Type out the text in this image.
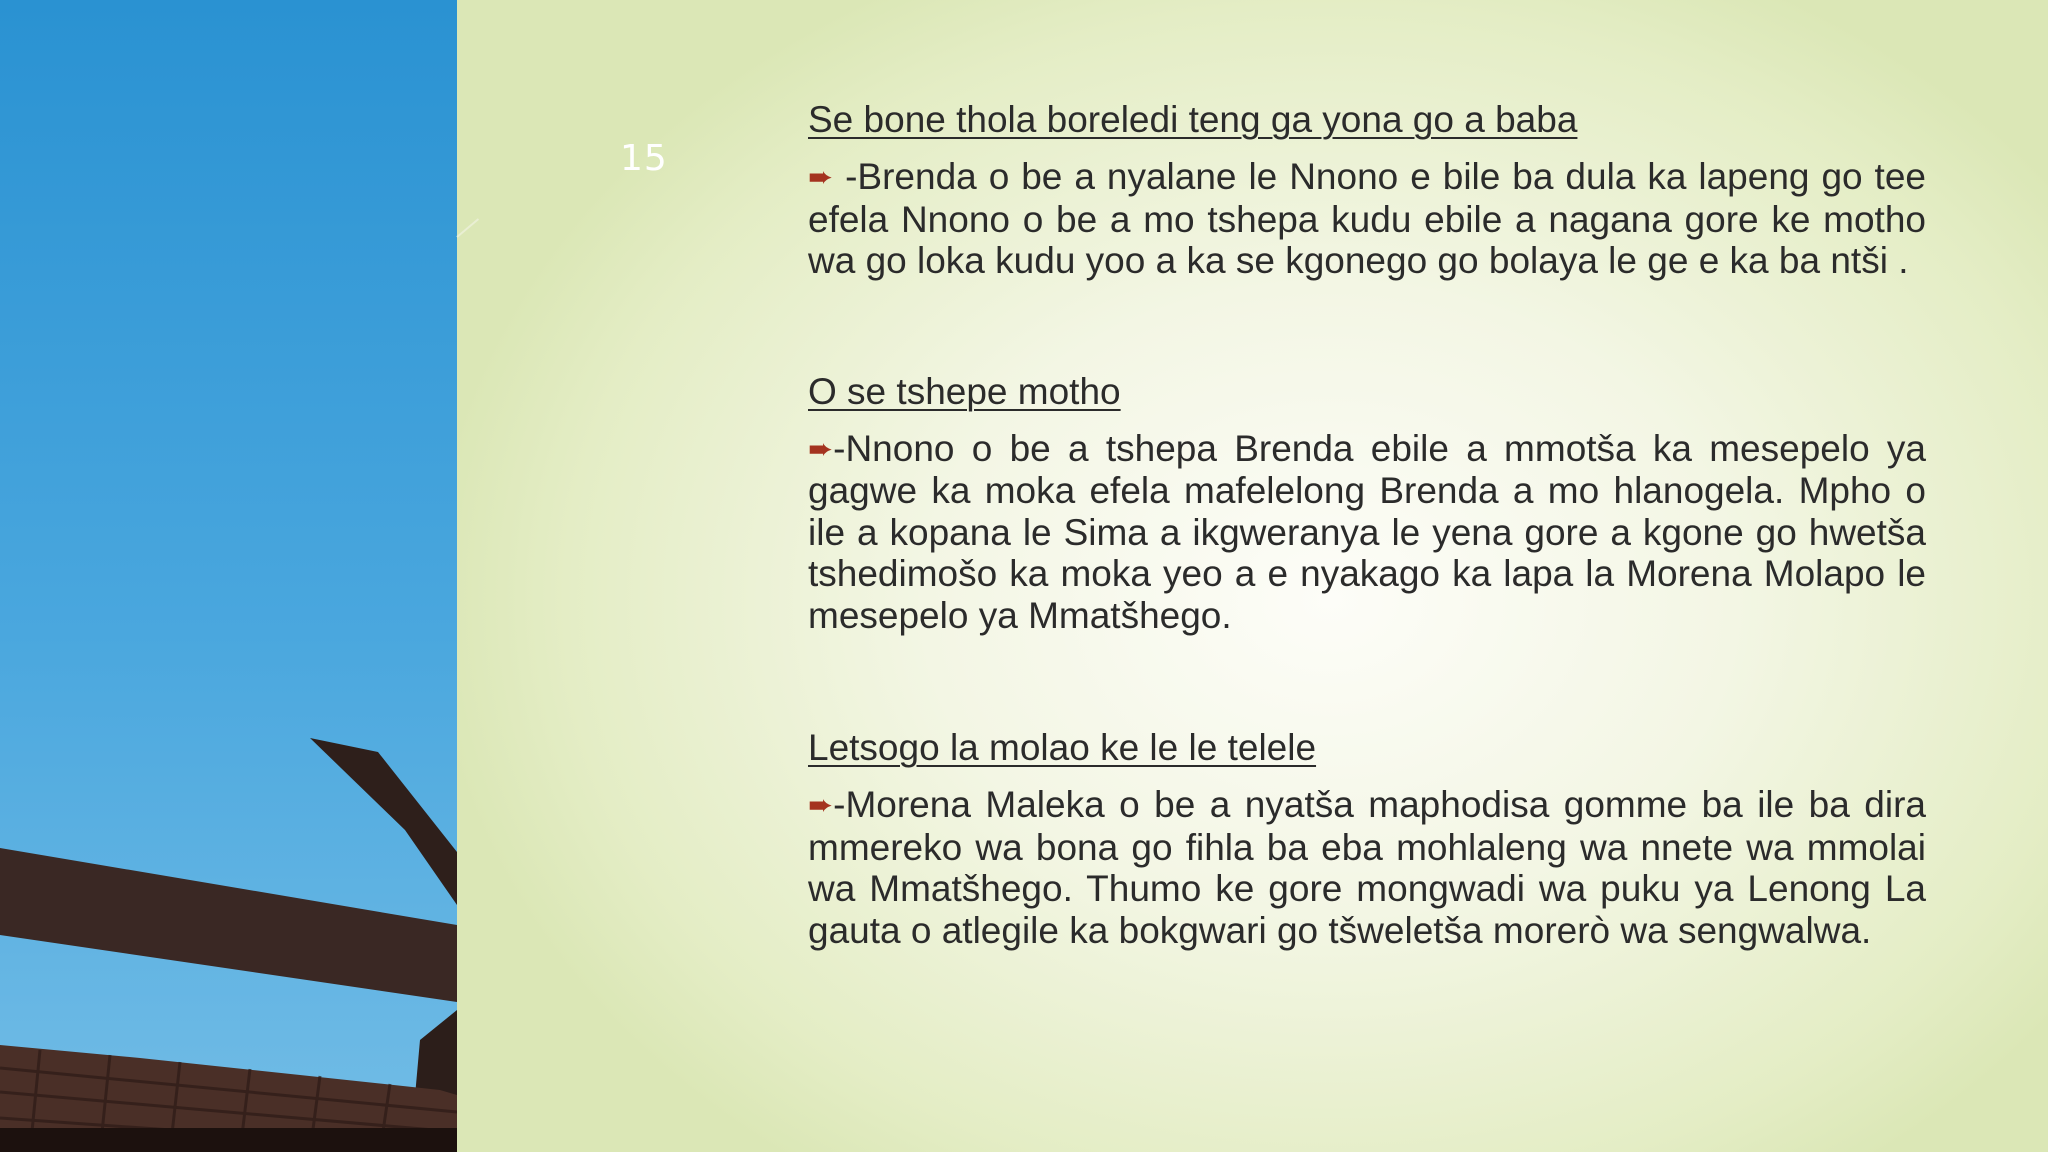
15
Se bone thola boreledi teng ga yona go a baba

➨ -Brenda o be a nyalane le Nnono e bile ba dula ka lapeng go tee efela Nnono o be a mo tshepa kudu ebile a nagana gore ke motho wa go loka kudu yoo a ka se kgonego go bolaya le ge e ka ba ntši .

O se tshepe motho

➨-Nnono o be a tshepa Brenda ebile a mmotša ka mesepelo ya gagwe ka moka efela mafelelong Brenda a mo hlanogela. Mpho o ile a kopana le Sima a ikgweranya le yena gore a kgone go hwetša tshedimošo ka moka yeo a e nyakago ka lapa la Morena Molapo le mesepelo ya Mmatšhego.

Letsogo la molao ke le le telele

➨-Morena Maleka o be a nyatša maphodisa gomme ba ile ba dira mmereko wa bona go fihla ba eba mohlaleng wa nnete wa mmolai wa Mmatšhego. Thumo ke gore mongwadi wa puku ya Lenong La gauta o atlegile ka bokgwari go tšweletša morerò wa sengwalwa.
